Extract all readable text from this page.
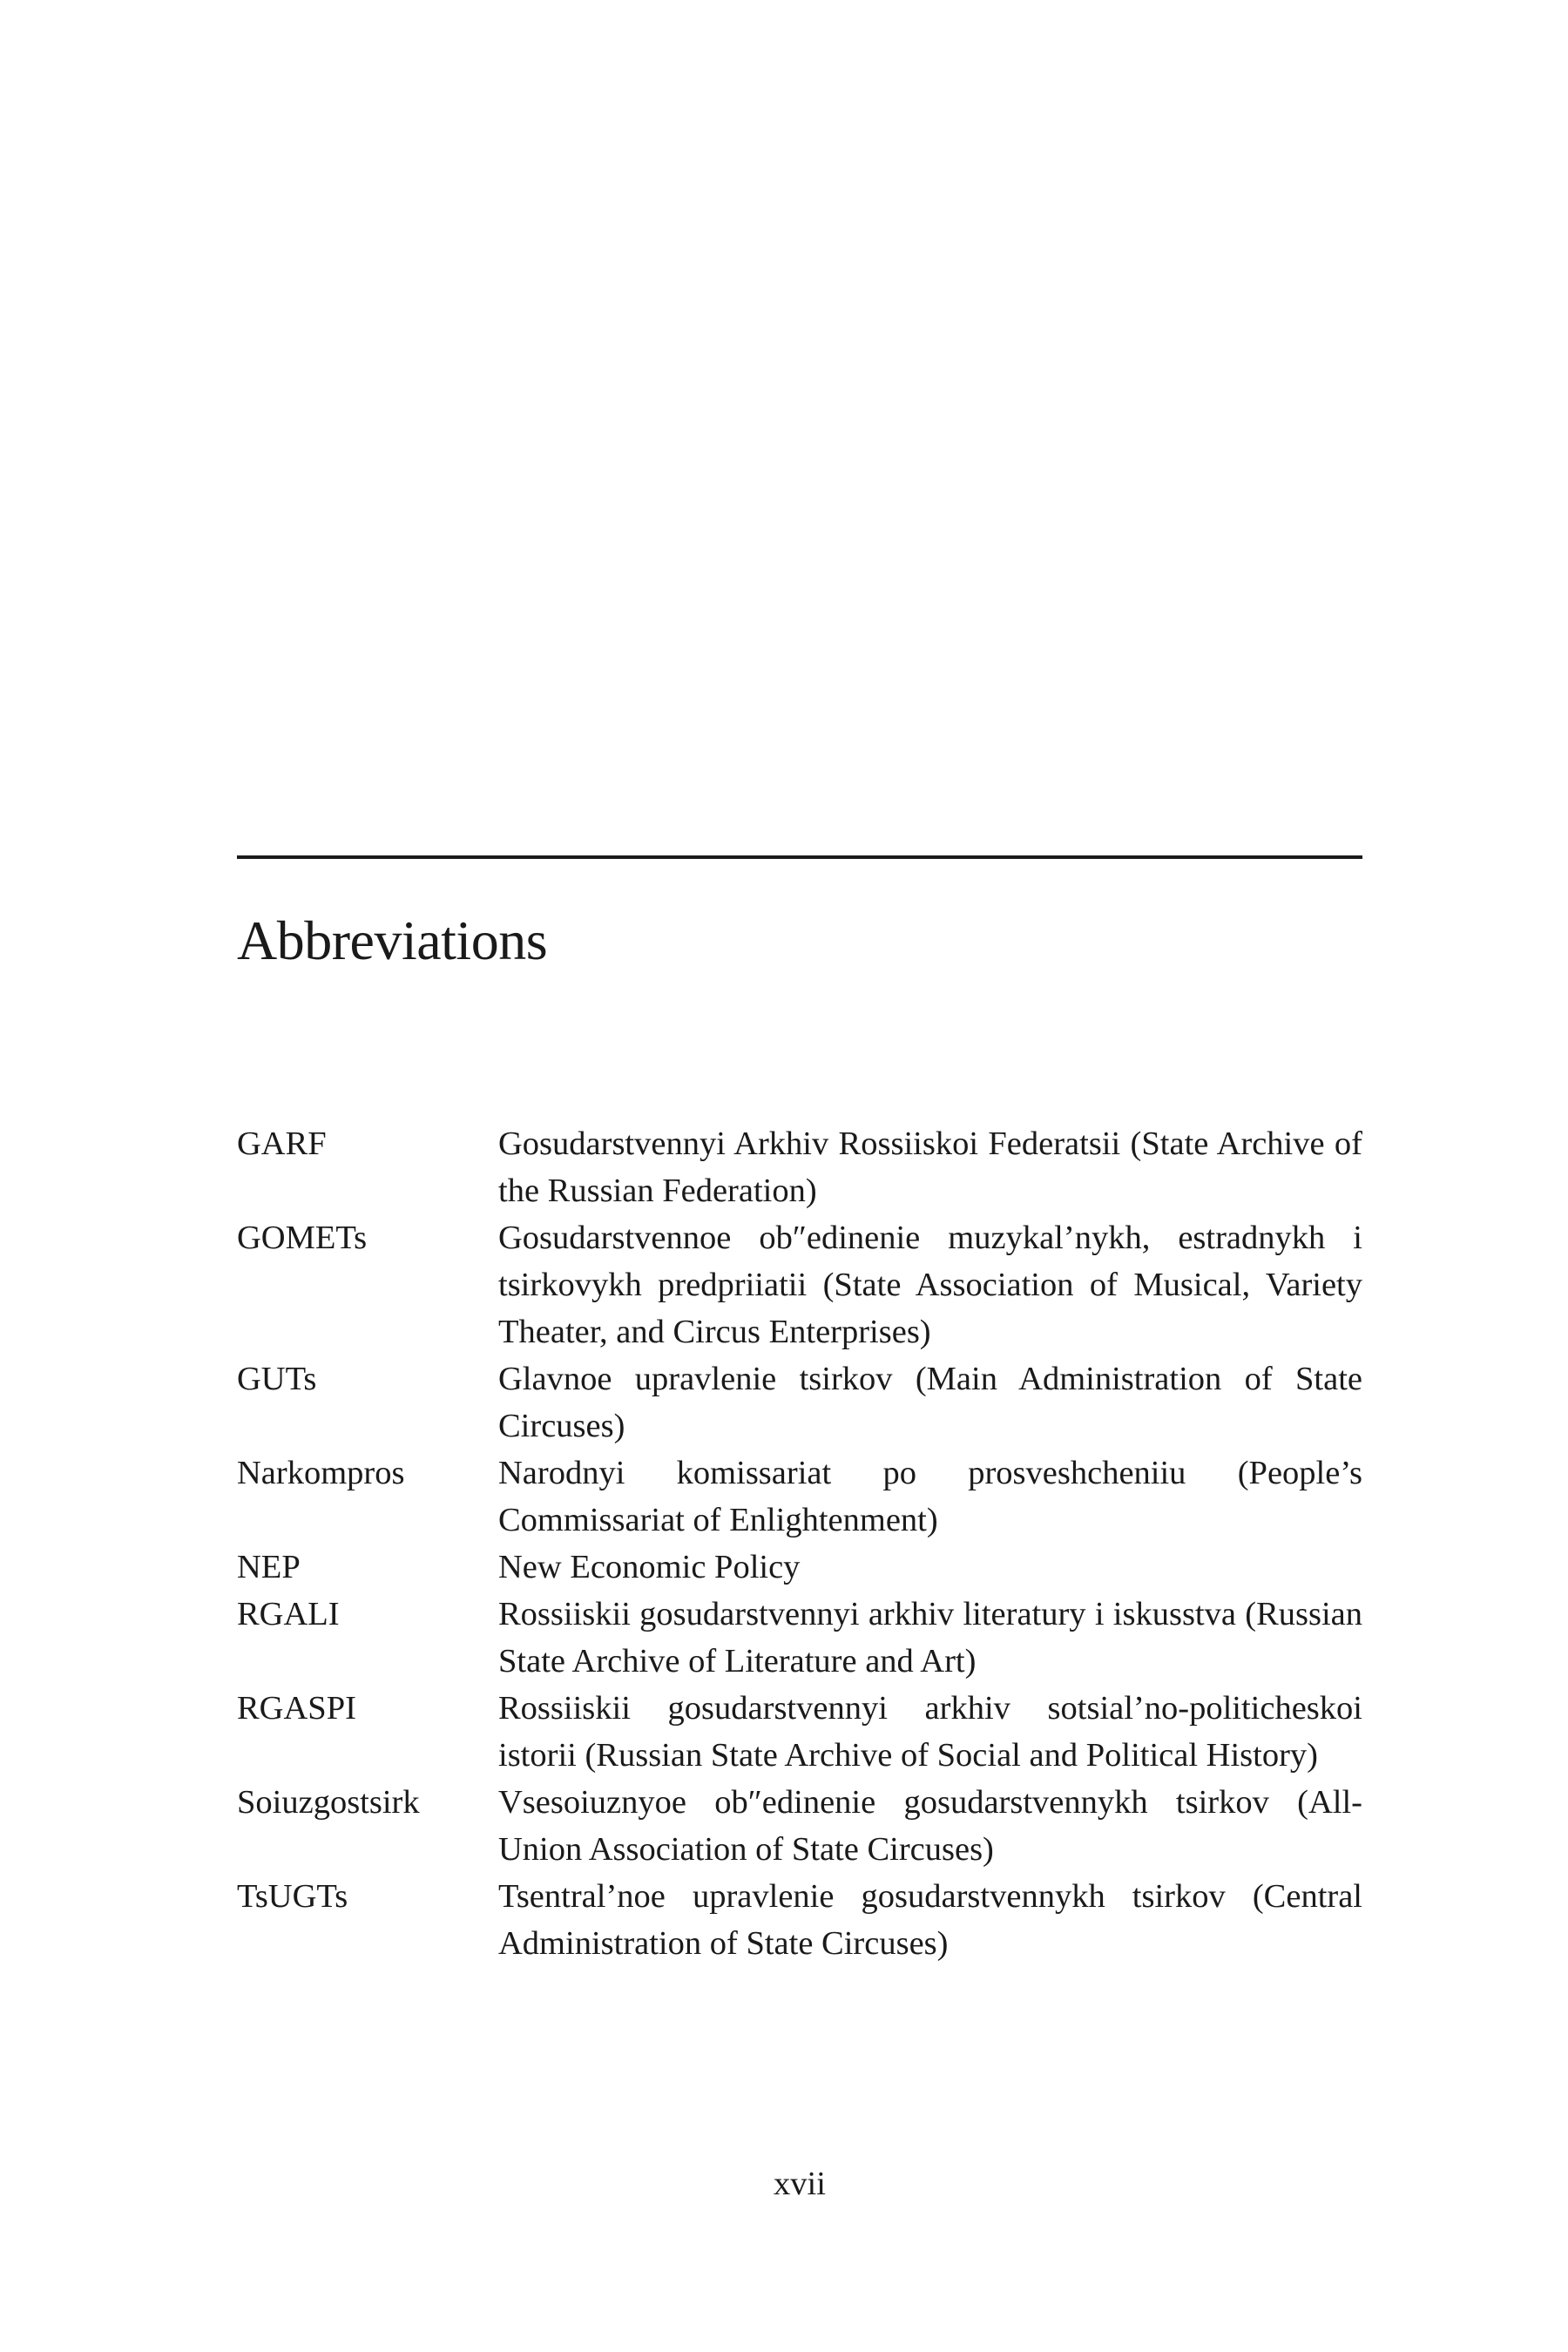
Abbreviations
GARF	Gosudarstvennyi Arkhiv Rossiiskoi Federatsii (State Archive of the Russian Federation)
GOMETs	Gosudarstvennoe ob″edinenie muzykal’nykh, estradnykh i tsirkovykh predpriiatii (State Association of Musical, Variety Theater, and Circus Enterprises)
GUTs	Glavnoe upravlenie tsirkov (Main Administration of State Circuses)
Narkompros	Narodnyi komissariat po prosveshcheniiu (People’s Commissariat of Enlightenment)
NEP	New Economic Policy
RGALI	Rossiiskii gosudarstvennyi arkhiv literatury i iskusstva (Russian State Archive of Literature and Art)
RGASPI	Rossiiskii gosudarstvennyi arkhiv sotsial’no-politicheskoi istorii (Russian State Archive of Social and Political History)
Soiuzgostsirk	Vsesoiuznyoe ob″edinenie gosudarstvennykh tsirkov (All-Union Association of State Circuses)
TsUGTs	Tsentral’noe upravlenie gosudarstvennykh tsirkov (Central Administration of State Circuses)
xvii
